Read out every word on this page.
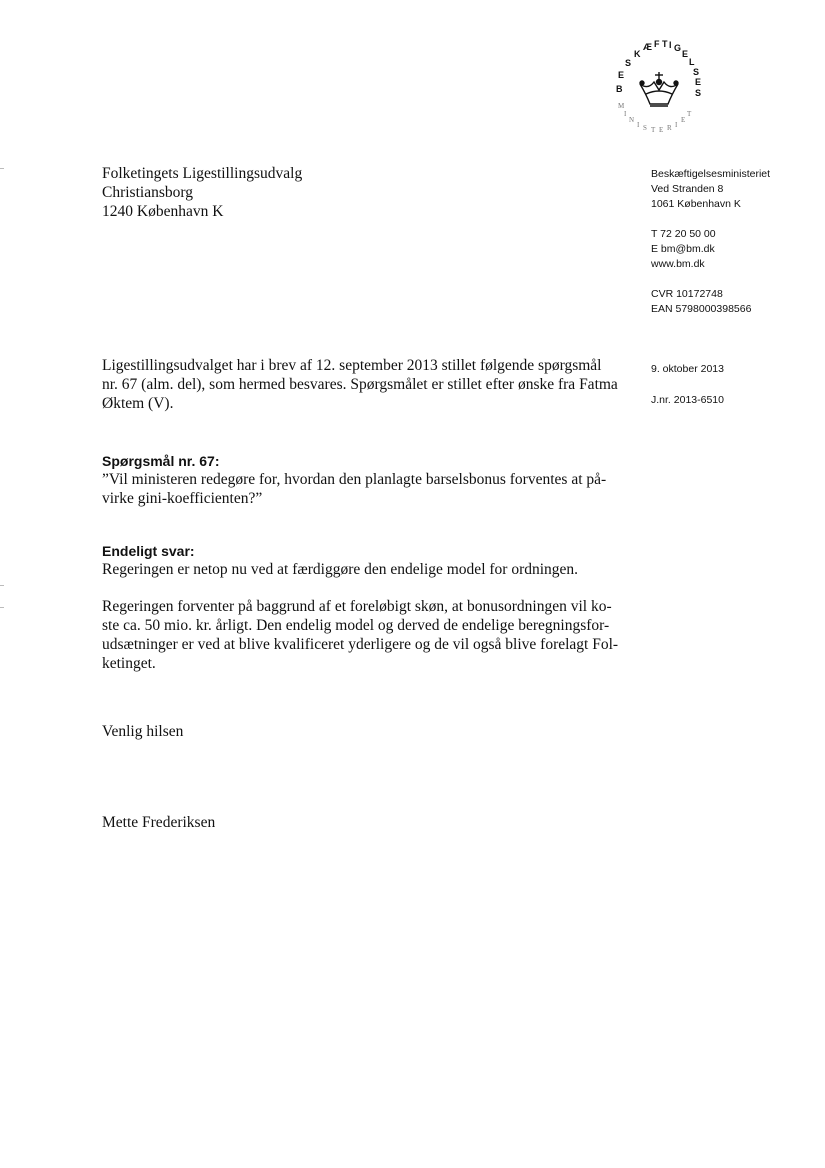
B
E
S
K
Æ F T I G
E
L
S
E
S
M
I
N
I S T E R I
E
T
Folketingets Ligestillingsudvalg
Christiansborg
1240 København K
Beskæftigelsesministeriet
Ved Stranden 8
1061 København K
T 72 20 50 00
E bm@bm.dk
www.bm.dk
CVR 10172748
EAN 5798000398566
9. oktober 2013
J.nr. 2013-6510
Ligestillingsudvalget har i brev af 12. september 2013 stillet følgende spørgsmål
nr. 67 (alm. del), som hermed besvares. Spørgsmålet er stillet efter ønske fra Fatma
Øktem (V).
Spørgsmål nr. 67:
”Vil ministeren redegøre for, hvordan den planlagte barselsbonus forventes at på-
virke gini-koefficienten?”
Endeligt svar:
Regeringen er netop nu ved at færdiggøre den endelige model for ordningen.
Regeringen forventer på baggrund af et foreløbigt skøn, at bonusordningen vil ko-
ste ca. 50 mio. kr. årligt. Den endelig model og derved de endelige beregningsfor-
udsætninger er ved at blive kvalificeret yderligere og de vil også blive forelagt Fol-
ketinget.
Venlig hilsen
Mette Frederiksen
